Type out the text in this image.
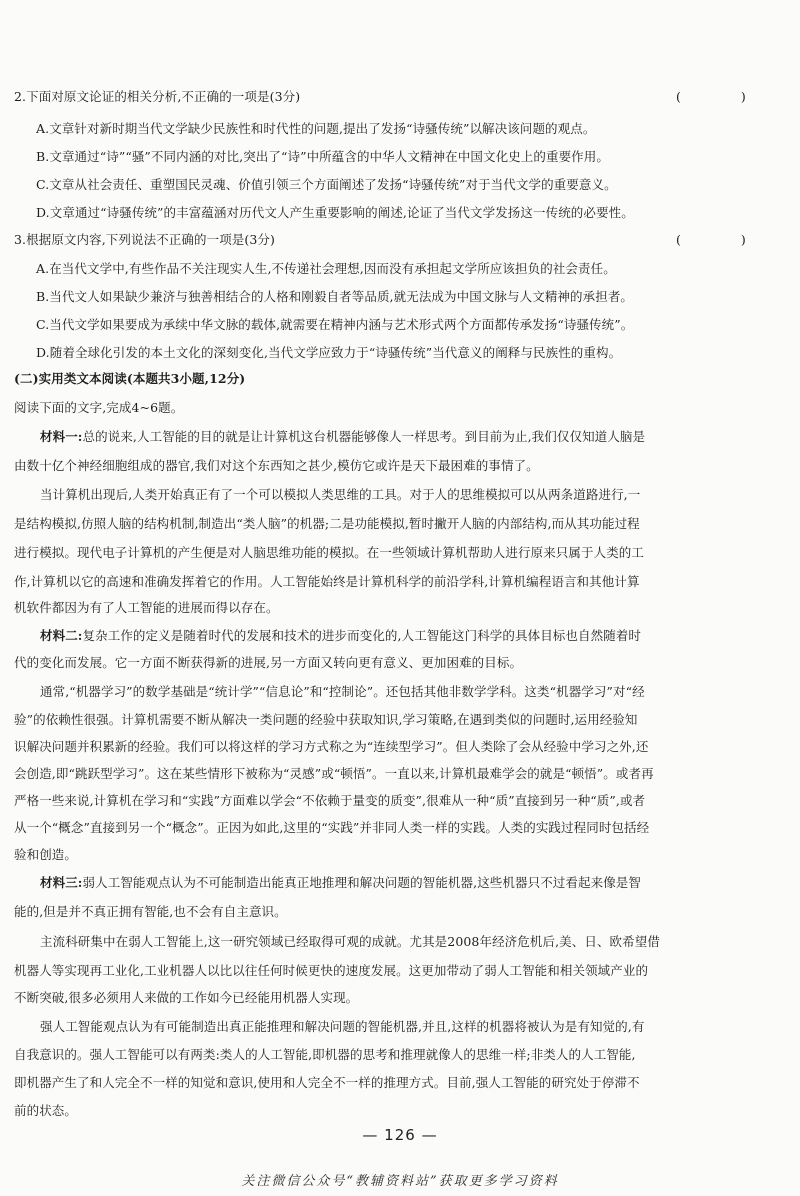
2.下面对原文论证的相关分析,不正确的一项是(3分)	( )
A.文章针对新时期当代文学缺少民族性和时代性的问题,提出了发扬“诗骚传统”以解决该问题的观点。
B.文章通过“诗”“骚”不同内涵的对比,突出了“诗”中所蕴含的中华人文精神在中国文化史上的重要作用。
C.文章从社会责任、重塑国民灵魂、价值引领三个方面阐述了发扬“诗骚传统”对于当代文学的重要意义。
D.文章通过“诗骚传统”的丰富蕴涵对历代文人产生重要影响的阐述,论证了当代文学发扬这一传统的必要性。
3.根据原文内容,下列说法不正确的一项是(3分)	( )
A.在当代文学中,有些作品不关注现实人生,不传递社会理想,因而没有承担起文学所应该担负的社会责任。
B.当代文人如果缺少兼济与独善相结合的人格和刚毅自者等品质,就无法成为中国文脉与人文精神的承担者。
C.当代文学如果要成为承续中华文脉的载体,就需要在精神内涵与艺术形式两个方面都传承发扬“诗骚传统”。
D.随着全球化引发的本土文化的深刻变化,当代文学应致力于“诗骚传统”当代意义的阐释与民族性的重构。
(二)实用类文本阅读(本题共3小题,12分)
阅读下面的文字,完成4~6题。
材料一:总的说来,人工智能的目的就是让计算机这台机器能够像人一样思考。到目前为止,我们仅仅知道人脑是
由数十亿个神经细胞组成的器官,我们对这个东西知之甚少,模仿它或许是天下最困难的事情了。
当计算机出现后,人类开始真正有了一个可以模拟人类思维的工具。对于人的思维模拟可以从两条道路进行,一
是结构模拟,仿照人脑的结构机制,制造出“类人脑”的机器;二是功能模拟,暂时撇开人脑的内部结构,而从其功能过程
进行模拟。现代电子计算机的产生便是对人脑思维功能的模拟。在一些领域计算机帮助人进行原来只属于人类的工
作,计算机以它的高速和准确发挥着它的作用。人工智能始终是计算机科学的前沿学科,计算机编程语言和其他计算
机软件都因为有了人工智能的进展而得以存在。
材料二:复杂工作的定义是随着时代的发展和技术的进步而变化的,人工智能这门科学的具体目标也自然随着时
代的变化而发展。它一方面不断获得新的进展,另一方面又转向更有意义、更加困难的目标。
通常,“机器学习”的数学基础是“统计学”“信息论”和“控制论”。还包括其他非数学学科。这类“机器学习”对“经
验”的依赖性很强。计算机需要不断从解决一类问题的经验中获取知识,学习策略,在遇到类似的问题时,运用经验知
识解决问题并积累新的经验。我们可以将这样的学习方式称之为“连续型学习”。但人类除了会从经验中学习之外,还
会创造,即“跳跃型学习”。这在某些情形下被称为“灵感”或“顿悟”。一直以来,计算机最难学会的就是“顿悟”。或者再
严格一些来说,计算机在学习和“实践”方面难以学会“不依赖于量变的质变”,很难从一种“质”直接到另一种“质”,或者
从一个“概念”直接到另一个“概念”。正因为如此,这里的“实践”并非同人类一样的实践。人类的实践过程同时包括经
验和创造。
材料三:弱人工智能观点认为不可能制造出能真正地推理和解决问题的智能机器,这些机器只不过看起来像是智
能的,但是并不真正拥有智能,也不会有自主意识。
主流科研集中在弱人工智能上,这一研究领域已经取得可观的成就。尤其是2008年经济危机后,美、日、欧希望借
机器人等实现再工业化,工业机器人以比以往任何时候更快的速度发展。这更加带动了弱人工智能和相关领域产业的
不断突破,很多必须用人来做的工作如今已经能用机器人实现。
强人工智能观点认为有可能制造出真正能推理和解决问题的智能机器,并且,这样的机器将被认为是有知觉的,有
自我意识的。强人工智能可以有两类:类人的人工智能,即机器的思考和推理就像人的思维一样;非类人的人工智能,
即机器产生了和人完全不一样的知觉和意识,使用和人完全不一样的推理方式。目前,强人工智能的研究处于停滞不
前的状态。
— 126 —
关注微信公众号“教辅资料站”获取更多学习资料
